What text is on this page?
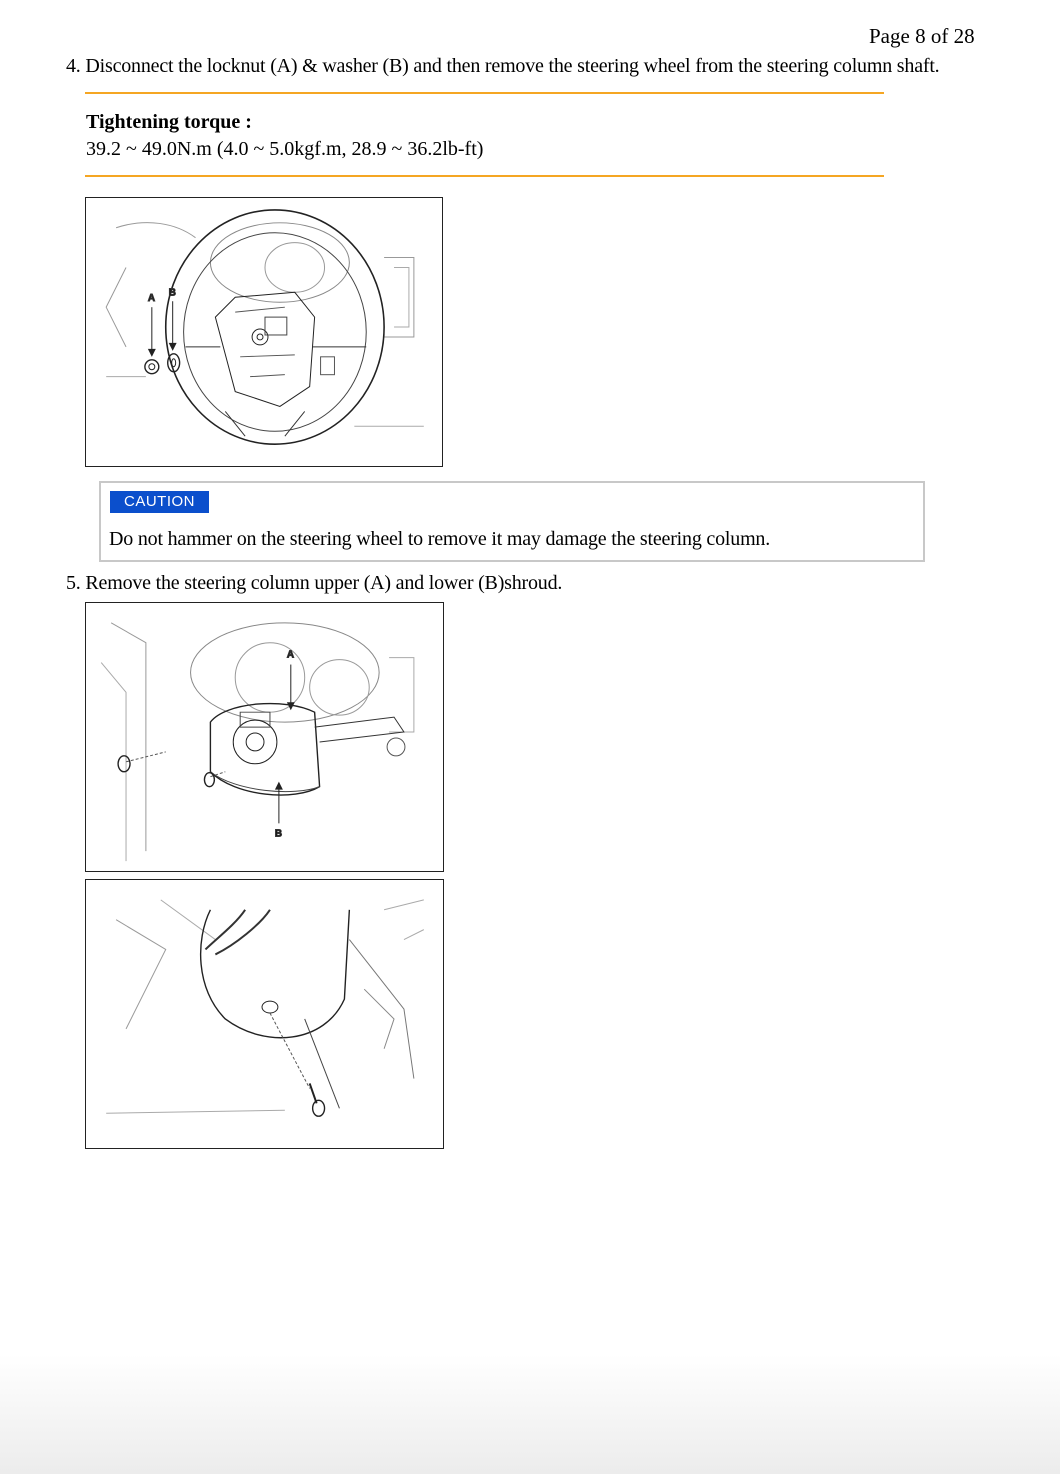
Page 8 of 28
4. Disconnect the locknut (A) & washer (B) and then remove the steering wheel from the steering column shaft.
Tightening torque :
39.2 ~ 49.0N.m (4.0 ~ 5.0kgf.m, 28.9 ~ 36.2lb-ft)
A
B
CAUTION
Do not hammer on the steering wheel to remove it may damage the steering column.
5. Remove the steering column upper (A) and lower (B)shroud.
A
B
